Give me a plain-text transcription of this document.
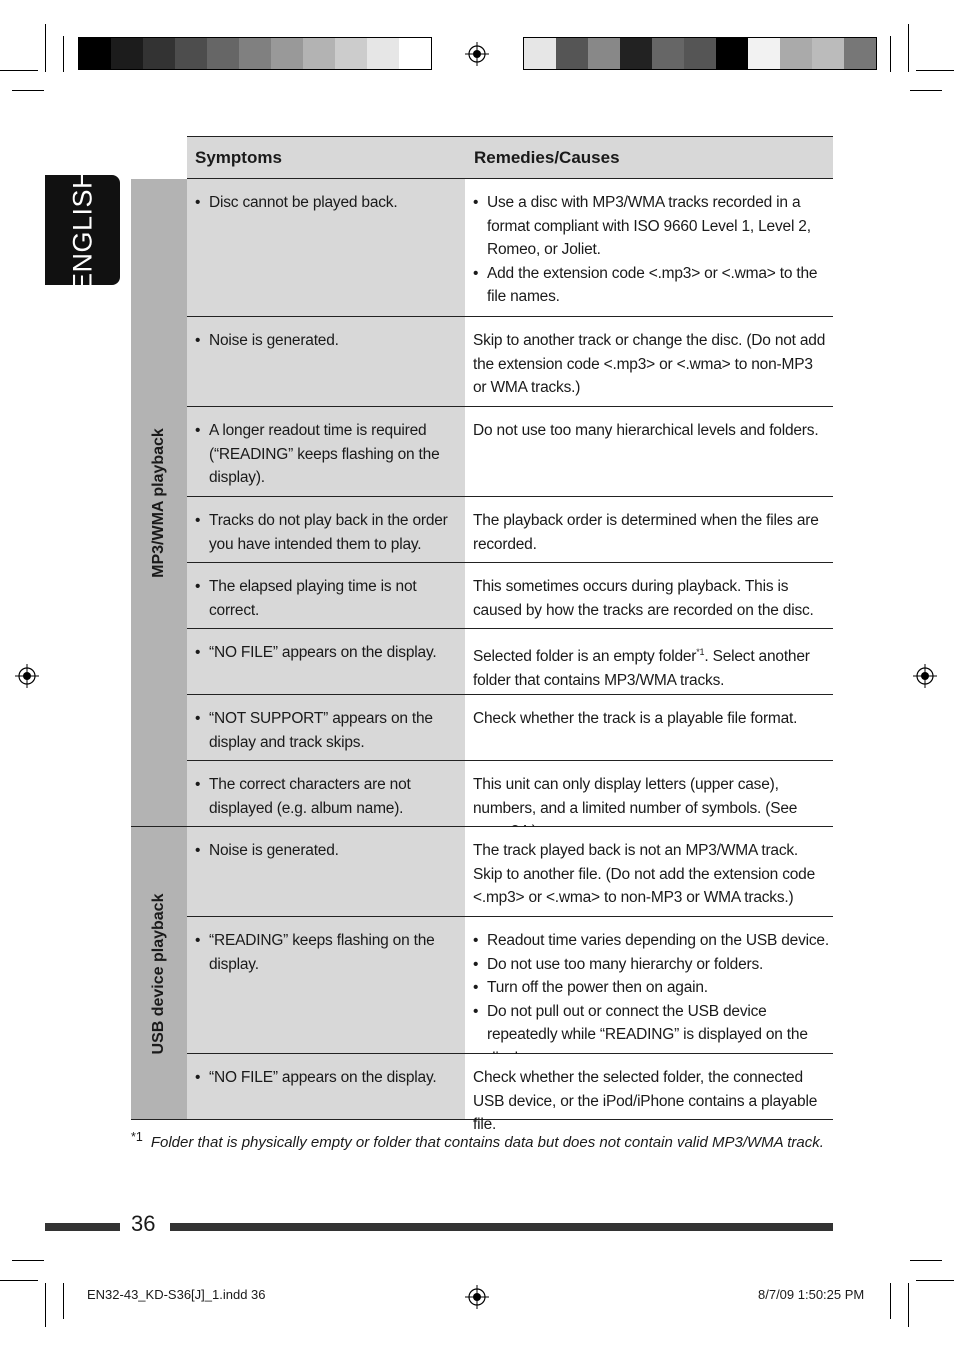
ENGLISH
Symptoms	Remedies/Causes
MP3/WMA playback
USB device playback
• Disc cannot be played back.
•	Use a disc with MP3/WMA tracks recorded in a format compliant with ISO 9660 Level 1, Level 2, Romeo, or Joliet.
• Add the extension code <.mp3> or <.wma> to the file names.
• Noise is generated.	Skip to another track or change the disc. (Do not add the extension code <.mp3> or <.wma> to non-MP3 or WMA tracks.)
• A longer readout time is required (“READING” keeps flashing on the display).
Do not use too many hierarchical levels and folders.
• Tracks do not play back in the order you have intended them to play.
The playback order is determined when the files are recorded.
• The elapsed playing time is not correct.
This sometimes occurs during playback. This is caused by how the tracks are recorded on the disc.
• “NO FILE” appears on the display.	Selected folder is an empty folder$^{*1}$. Select another folder that contains MP3/WMA tracks.
• “NOT SUPPORT” appears on the display and track skips.
Check whether the track is a playable file format.
• The correct characters are not displayed (e.g. album name).
This unit can only display letters (upper case), numbers, and a limited number of symbols. (See
• Noise is generated.	The track played back is not an MP3/WMA track. Skip to another file. (Do not add the extension code <.mp3> or <.wma> to non-MP3 or WMA tracks.)
• “READING” keeps flashing on the display.
• Readout time varies depending on the USB device.
• Do not use too many hierarchy or folders.
• Turn off the power then on again.
• Do not pull out or connect the USB device repeatedly while “READING” is displayed on the
• “NO FILE” appears on the display.	Check whether the selected folder, the connected USB device, or the iPod/iPhone contains a playable file.
$^{*1}$ Folder that is physically empty or folder that contains data but does not contain valid MP3/WMA track.
36
EN32-43_KD-S36[J]_1.indd 36	8/7/09 1:50:25 PM
